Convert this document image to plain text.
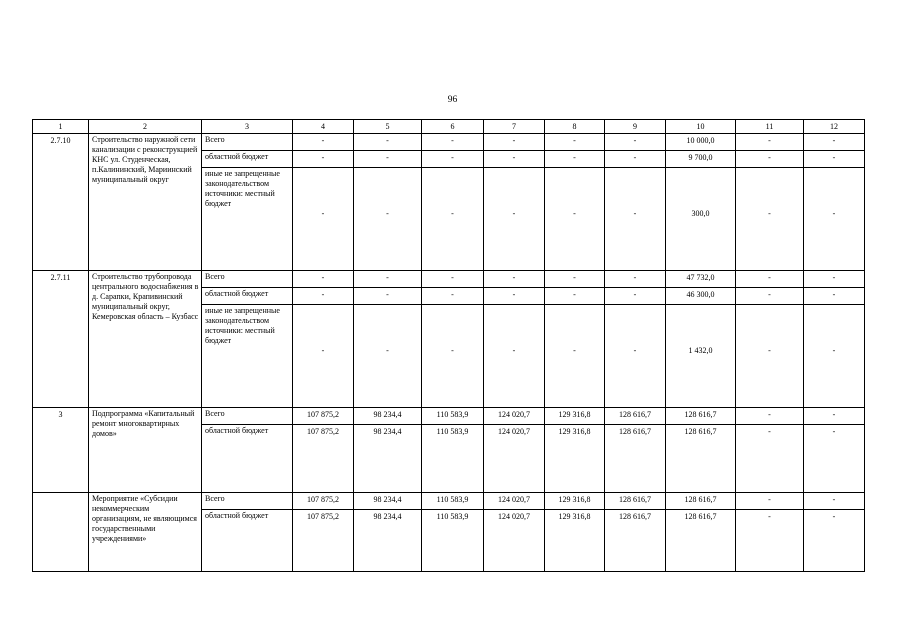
96
1	2	3	4	5	6	7	8	9	10	11	12
2.7.10	Строительство наружной сети канализации с реконструкцией КНС ул. Студенческая, п.Калининский, Мариинский муниципальный округ	Всего	-	-	-	-	-	-	10 000,0	-	-
		областной бюджет	-	-	-	-	-	-	9 700,0	-	-
		иные не запрещенные законодательством источники: местный бюджет	-	-	-	-	-	-	300,0	-	-
2.7.11	Строительство трубопровода центрального водоснабжения в д. Сарапки, Крапивинский муниципальный округ, Кемеровская область – Кузбасс	Всего	-	-	-	-	-	-	47 732,0	-	-
		областной бюджет	-	-	-	-	-	-	46 300,0	-	-
		иные не запрещенные законодательством источники: местный бюджет	-	-	-	-	-	-	1 432,0	-	-
3	Подпрограмма «Капитальный ремонт многоквартирных домов»	Всего	107 875,2	98 234,4	110 583,9	124 020,7	129 316,8	128 616,7	128 616,7	-	-
		областной бюджет	107 875,2	98 234,4	110 583,9	124 020,7	129 316,8	128 616,7	128 616,7	-	-
	Мероприятие «Субсидии некоммерческим организациям, не являющимся государственными учреждениями»	Всего	107 875,2	98 234,4	110 583,9	124 020,7	129 316,8	128 616,7	128 616,7	-	-
		областной бюджет	107 875,2	98 234,4	110 583,9	124 020,7	129 316,8	128 616,7	128 616,7	-	-
